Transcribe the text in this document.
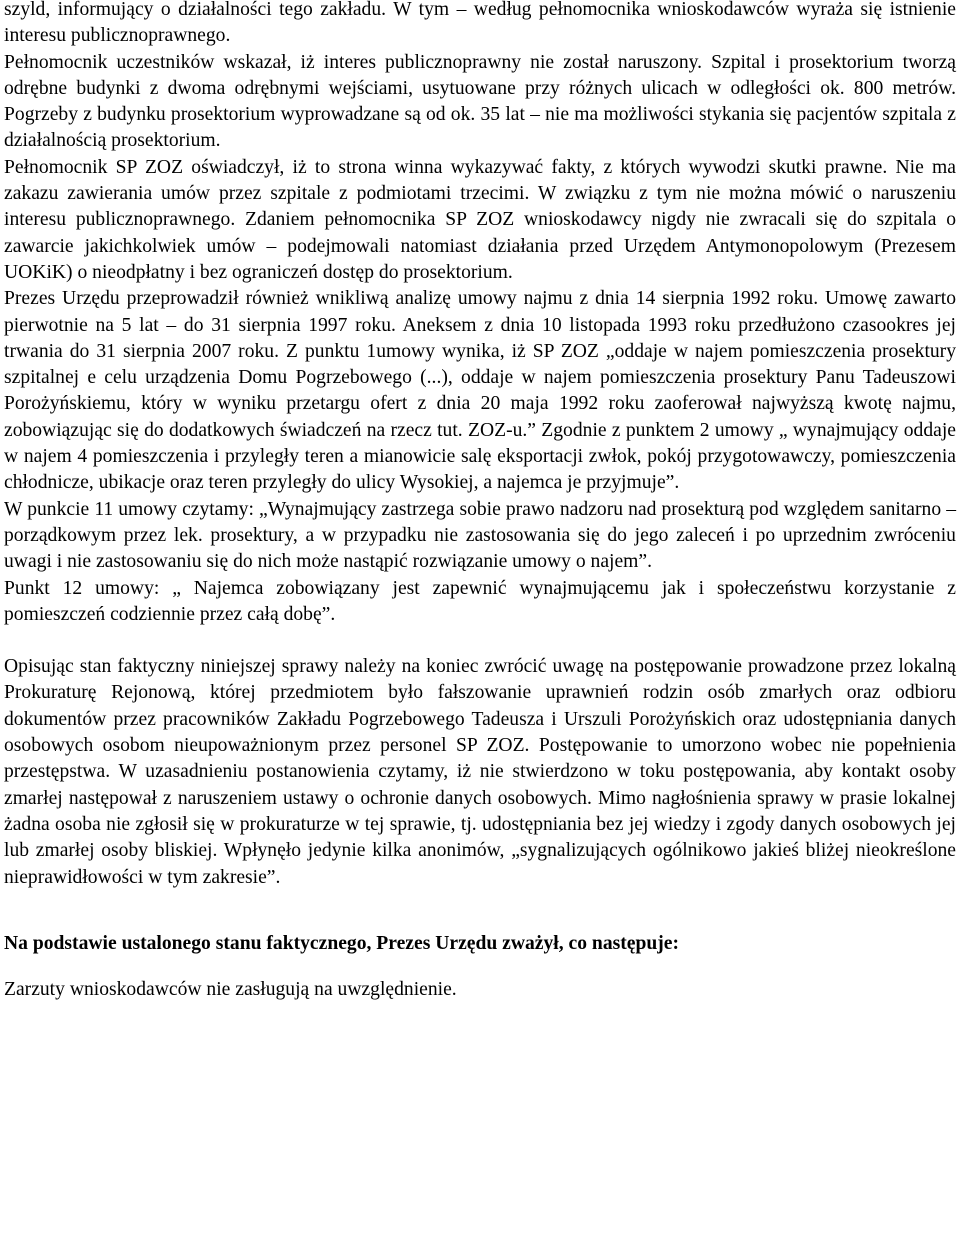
szyld, informujący o działalności tego zakładu. W tym – według pełnomocnika wnioskodawców wyraża się istnienie interesu publicznoprawnego.

Pełnomocnik uczestników wskazał, iż interes publicznoprawny nie został naruszony. Szpital i prosektorium tworzą odrębne budynki z dwoma odrębnymi wejściami, usytuowane przy różnych ulicach w odległości ok. 800 metrów. Pogrzeby z budynku prosektorium wyprowadzane są od ok. 35 lat – nie ma możliwości stykania się pacjentów szpitala z działalnością prosektorium.

Pełnomocnik SP ZOZ oświadczył, iż to strona winna wykazywać fakty, z których wywodzi skutki prawne. Nie ma zakazu zawierania umów przez szpitale z podmiotami trzecimi. W związku z tym nie można mówić o naruszeniu interesu publicznoprawnego. Zdaniem pełnomocnika SP ZOZ wnioskodawcy nigdy nie zwracali się do szpitala o zawarcie jakichkolwiek umów – podejmowali natomiast działania przed Urzędem Antymonopolowym (Prezesem UOKiK) o nieodpłatny i bez ograniczeń dostęp do prosektorium.

Prezes Urzędu przeprowadził również wnikliwą analizę umowy najmu z dnia 14 sierpnia 1992 roku. Umowę zawarto pierwotnie na 5 lat – do 31 sierpnia 1997 roku. Aneksem z dnia 10 listopada 1993 roku przedłużono czasookres jej trwania do 31 sierpnia 2007 roku. Z punktu 1umowy wynika, iż SP ZOZ „oddaje w najem pomieszczenia prosektury szpitalnej e celu urządzenia Domu Pogrzebowego (...), oddaje w najem pomieszczenia prosektury Panu Tadeuszowi Porożyńskiemu, który w wyniku przetargu ofert z dnia 20 maja 1992 roku zaoferował najwyższą kwotę najmu, zobowiązując się do dodatkowych świadczeń na rzecz tut. ZOZ-u.” Zgodnie z punktem 2 umowy „ wynajmujący oddaje w najem 4 pomieszczenia i przyległy teren a mianowicie salę eksportacji zwłok, pokój przygotowawczy, pomieszczenia chłodnicze, ubikacje oraz teren przyległy do ulicy Wysokiej, a najemca je przyjmuje”.

W punkcie 11 umowy czytamy: „Wynajmujący zastrzega sobie prawo nadzoru nad prosekturą pod względem sanitarno – porządkowym przez lek. prosektury, a w przypadku nie zastosowania się do jego zaleceń i po uprzednim zwróceniu uwagi i nie zastosowaniu się do nich może nastąpić rozwiązanie umowy o najem”.

Punkt 12 umowy: „ Najemca zobowiązany jest zapewnić wynajmującemu jak i społeczeństwu korzystanie z pomieszczeń codziennie przez całą dobę”.

Opisując stan faktyczny niniejszej sprawy należy na koniec zwrócić uwagę na postępowanie prowadzone przez lokalną Prokuraturę Rejonową, której przedmiotem było fałszowanie uprawnień rodzin osób zmarłych oraz odbioru dokumentów przez pracowników Zakładu Pogrzebowego Tadeusza i Urszuli Porożyńskich oraz udostępniania danych osobowych osobom nieupoważnionym przez personel SP ZOZ. Postępowanie to umorzono wobec nie popełnienia przestępstwa. W uzasadnieniu postanowienia czytamy, iż nie stwierdzono w toku postępowania, aby kontakt osoby zmarłej następował z naruszeniem ustawy o ochronie danych osobowych. Mimo nagłośnienia sprawy w prasie lokalnej żadna osoba nie zgłosił się w prokuraturze w tej sprawie, tj. udostępniania bez jej wiedzy i zgody danych osobowych jej lub zmarłej osoby bliskiej. Wpłynęło jedynie kilka anonimów, „sygnalizujących ogólnikowo jakieś bliżej nieokreślone nieprawidłowości w tym zakresie”.

Na podstawie ustalonego stanu faktycznego, Prezes Urzędu zważył, co następuje:

Zarzuty wnioskodawców nie zasługują na uwzględnienie.
